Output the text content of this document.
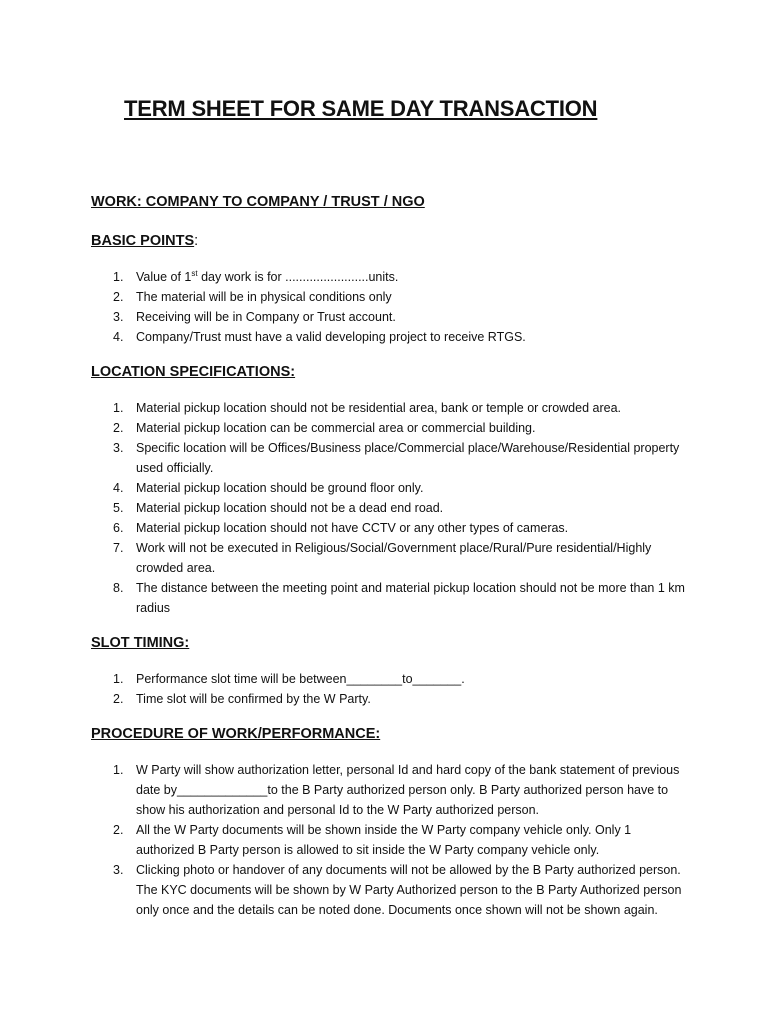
TERM SHEET FOR SAME DAY TRANSACTION
WORK: COMPANY TO COMPANY / TRUST / NGO
BASIC POINTS:
1. Value of 1st day work is for ........................units.
2. The material will be in physical conditions only
3. Receiving will be in Company or Trust account.
4. Company/Trust must have a valid developing project to receive RTGS.
LOCATION SPECIFICATIONS:
1. Material pickup location should not be residential area, bank or temple or crowded area.
2. Material pickup location can be commercial area or commercial building.
3. Specific location will be Offices/Business place/Commercial place/Warehouse/Residential property used officially.
4. Material pickup location should be ground floor only.
5. Material pickup location should not be a dead end road.
6. Material pickup location should not have CCTV or any other types of cameras.
7. Work will not be executed in Religious/Social/Government place/Rural/Pure residential/Highly crowded area.
8. The distance between the meeting point and material pickup location should not be more than 1 km radius
SLOT TIMING:
1. Performance slot time will be between________to_______.
2. Time slot will be confirmed by the W Party.
PROCEDURE OF WORK/PERFORMANCE:
1. W Party will show authorization letter, personal Id and hard copy of the bank statement of previous date by_____________to the B Party authorized person only. B Party authorized person have to show his authorization and personal Id to the W Party authorized person.
2. All the W Party documents will be shown inside the W Party company vehicle only. Only 1 authorized B Party person is allowed to sit inside the W Party company vehicle only.
3. Clicking photo or handover of any documents will not be allowed by the B Party authorized person. The KYC documents will be shown by W Party Authorized person to the B Party Authorized person only once and the details can be noted done. Documents once shown will not be shown again.
